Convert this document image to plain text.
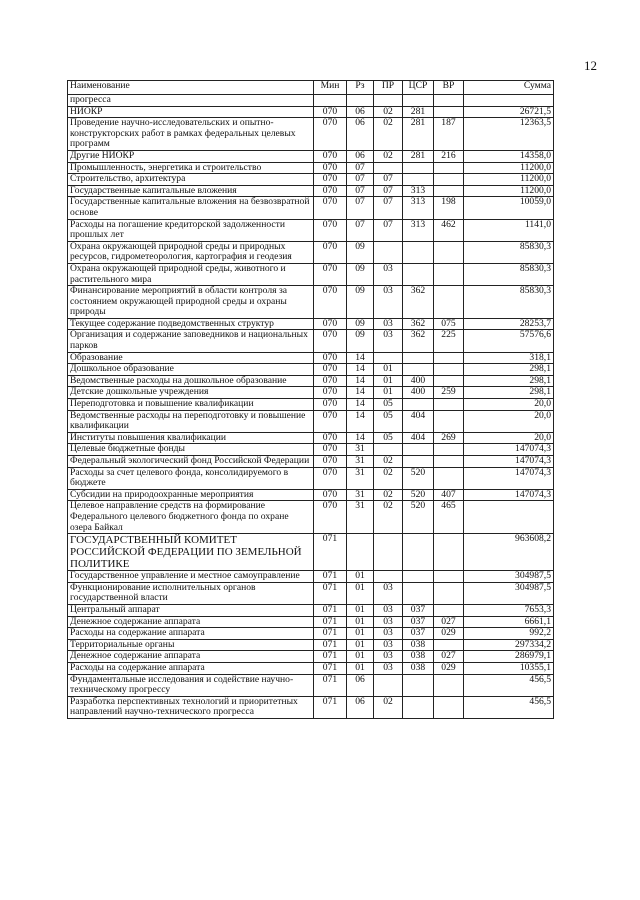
12
Наименование	Мин	Рз	ПР	ЦСР	ВР	Сумма
прогресса						
НИОКР	070	06	02	281		26721,5
Проведение научно-исследовательских и опытно-конструкторских работ в рамках федеральных целевых программ	070	06	02	281	187	12363,5
Другие НИОКР	070	06	02	281	216	14358,0
Промышленность, энергетика и строительство	070	07				11200,0
Строительство, архитектура	070	07	07			11200,0
Государственные капитальные вложения	070	07	07	313		11200,0
Государственные капитальные вложения на безвозвратной основе	070	07	07	313	198	10059,0
Расходы на погашение кредиторской задолженности прошлых лет	070	07	07	313	462	1141,0
Охрана окружающей природной среды и природных ресурсов, гидрометеорология, картография и геодезия	070	09				85830,3
Охрана окружающей природной среды, животного и растительного мира	070	09	03			85830,3
Финансирование мероприятий в области контроля за состоянием окружающей природной среды и охраны природы	070	09	03	362		85830,3
Текущее содержание подведомственных структур	070	09	03	362	075	28253,7
Организация и содержание заповедников и национальных парков	070	09	03	362	225	57576,6
Образование	070	14				318,1
Дошкольное образование	070	14	01			298,1
Ведомственные расходы на дошкольное образование	070	14	01	400		298,1
Детские дошкольные учреждения	070	14	01	400	259	298,1
Переподготовка и повышение квалификации	070	14	05			20,0
Ведомственные расходы на переподготовку и повышение квалификации	070	14	05	404		20,0
Институты повышения квалификации	070	14	05	404	269	20,0
Целевые бюджетные фонды	070	31				147074,3
Федеральный экологический фонд Российской Федерации	070	31	02			147074,3
Расходы за счет целевого фонда, консолидируемого в бюджете	070	31	02	520		147074,3
Субсидии на природоохранные мероприятия	070	31	02	520	407	147074,3
Целевое направление средств на формирование Федерального целевого бюджетного фонда по охране озера Байкал	070	31	02	520	465	
ГОСУДАРСТВЕННЫЙ КОМИТЕТ РОССИЙСКОЙ ФЕДЕРАЦИИ ПО ЗЕМЕЛЬНОЙ ПОЛИТИКЕ	071					963608,2
Государственное управление и местное самоуправление	071	01				304987,5
Функционирование исполнительных органов государственной власти	071	01	03			304987,5
Центральный аппарат	071	01	03	037		7653,3
Денежное содержание аппарата	071	01	03	037	027	6661,1
Расходы на содержание аппарата	071	01	03	037	029	992,2
Территориальные органы	071	01	03	038		297334,2
Денежное содержание аппарата	071	01	03	038	027	286979,1
Расходы на содержание аппарата	071	01	03	038	029	10355,1
Фундаментальные исследования и содействие научно-техническому прогрессу	071	06				456,5
Разработка перспективных технологий и приоритетных направлений научно-технического прогресса	071	06	02			456,5
